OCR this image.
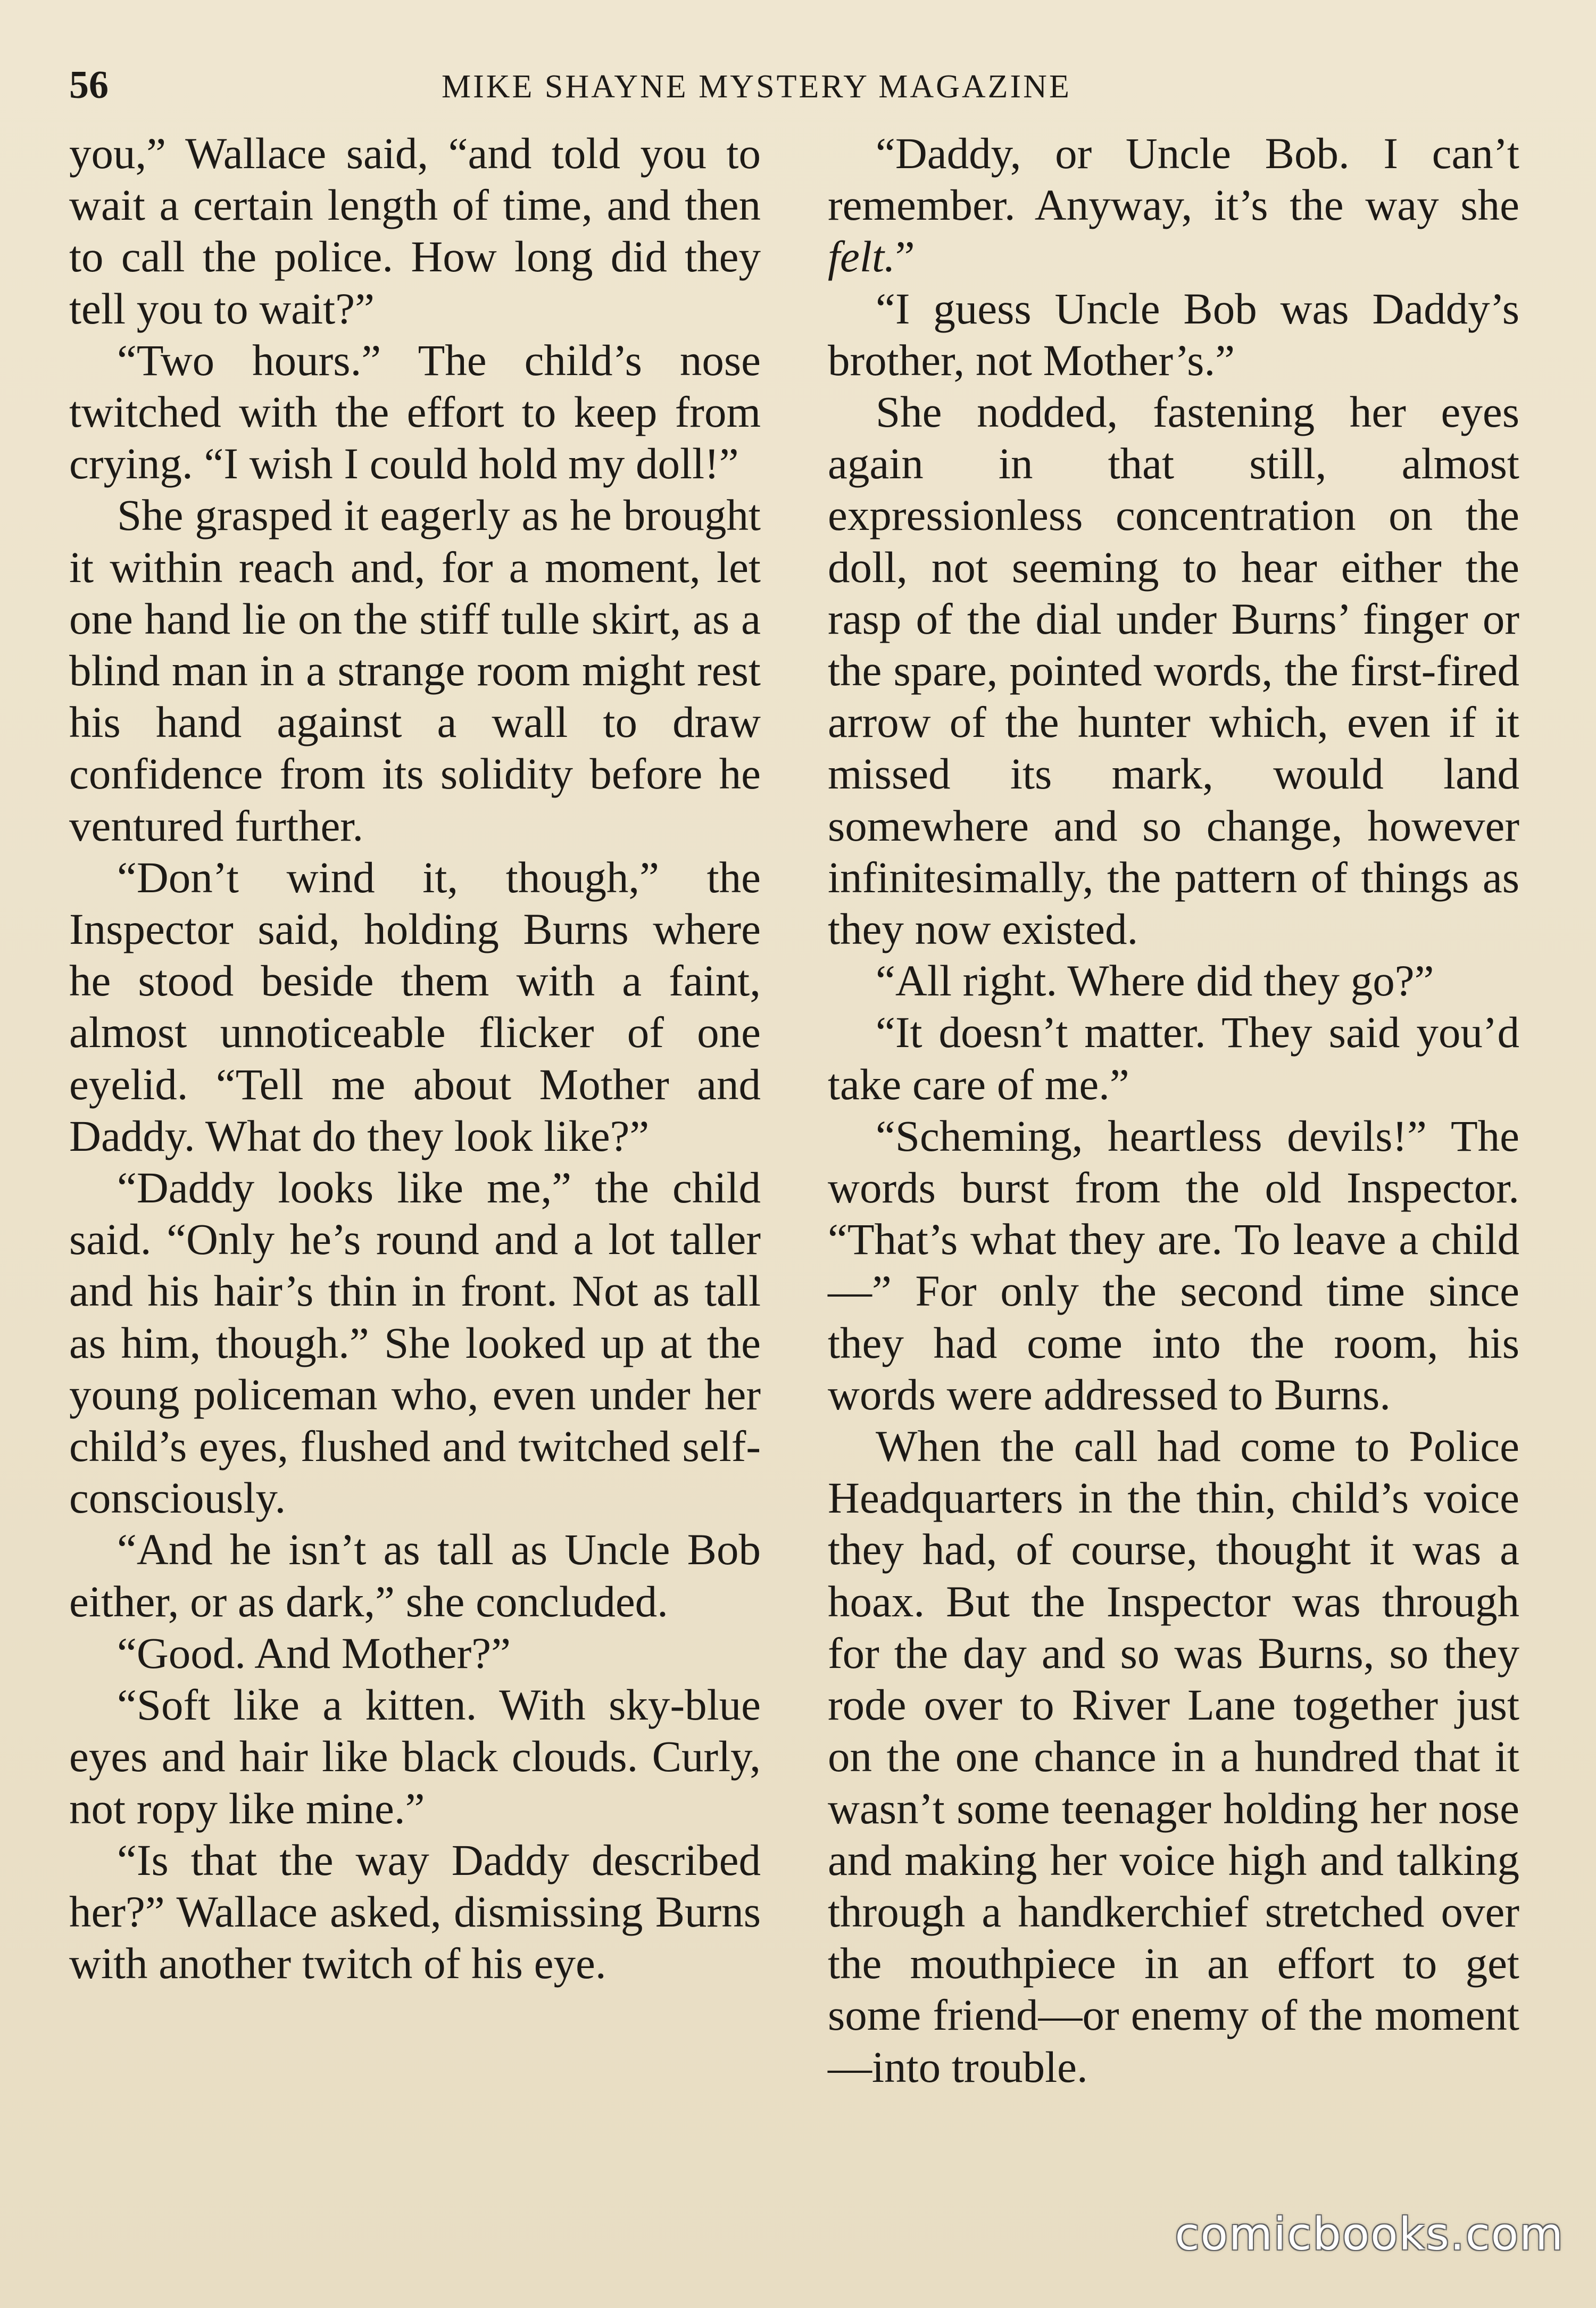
56	MIKE SHAYNE MYSTERY MAGAZINE

you,” Wallace said, “and told you to wait a certain length of time, and then to call the police. How long did they tell you to wait?”

“Two hours.” The child’s nose twitched with the effort to keep from crying. “I wish I could hold my doll!”

She grasped it eagerly as he brought it within reach and, for a moment, let one hand lie on the stiff tulle skirt, as a blind man in a strange room might rest his hand against a wall to draw confidence from its solidity before he ventured further.

“Don’t wind it, though,” the Inspector said, holding Burns where he stood beside them with a faint, almost unnoticeable flicker of one eyelid. “Tell me about Mother and Daddy. What do they look like?”

“Daddy looks like me,” the child said. “Only he’s round and a lot taller and his hair’s thin in front. Not as tall as him, though.” She looked up at the young policeman who, even under her child’s eyes, flushed and twitched self-consciously.

“And he isn’t as tall as Uncle Bob either, or as dark,” she concluded.

“Good. And Mother?”

“Soft like a kitten. With sky-blue eyes and hair like black clouds. Curly, not ropy like mine.”

“Is that the way Daddy described her?” Wallace asked, dismissing Burns with another twitch of his eye.

“Daddy, or Uncle Bob. I can’t remember. Anyway, it’s the way she felt.”

“I guess Uncle Bob was Daddy’s brother, not Mother’s.”

She nodded, fastening her eyes again in that still, almost expressionless concentration on the doll, not seeming to hear either the rasp of the dial under Burns’ finger or the spare, pointed words, the first-fired arrow of the hunter which, even if it missed its mark, would land somewhere and so change, however infinitesimally, the pattern of things as they now existed.

“All right. Where did they go?”

“It doesn’t matter. They said you’d take care of me.”

“Scheming, heartless devils!” The words burst from the old Inspector. “That’s what they are. To leave a child—” For only the second time since they had come into the room, his words were addressed to Burns.

When the call had come to Police Headquarters in the thin, child’s voice they had, of course, thought it was a hoax. But the Inspector was through for the day and so was Burns, so they rode over to River Lane together just on the one chance in a hundred that it wasn’t some teenager holding her nose and making her voice high and talking through a handkerchief stretched over the mouthpiece in an effort to get some friend—or enemy of the moment —into trouble.

comicbooks.com
